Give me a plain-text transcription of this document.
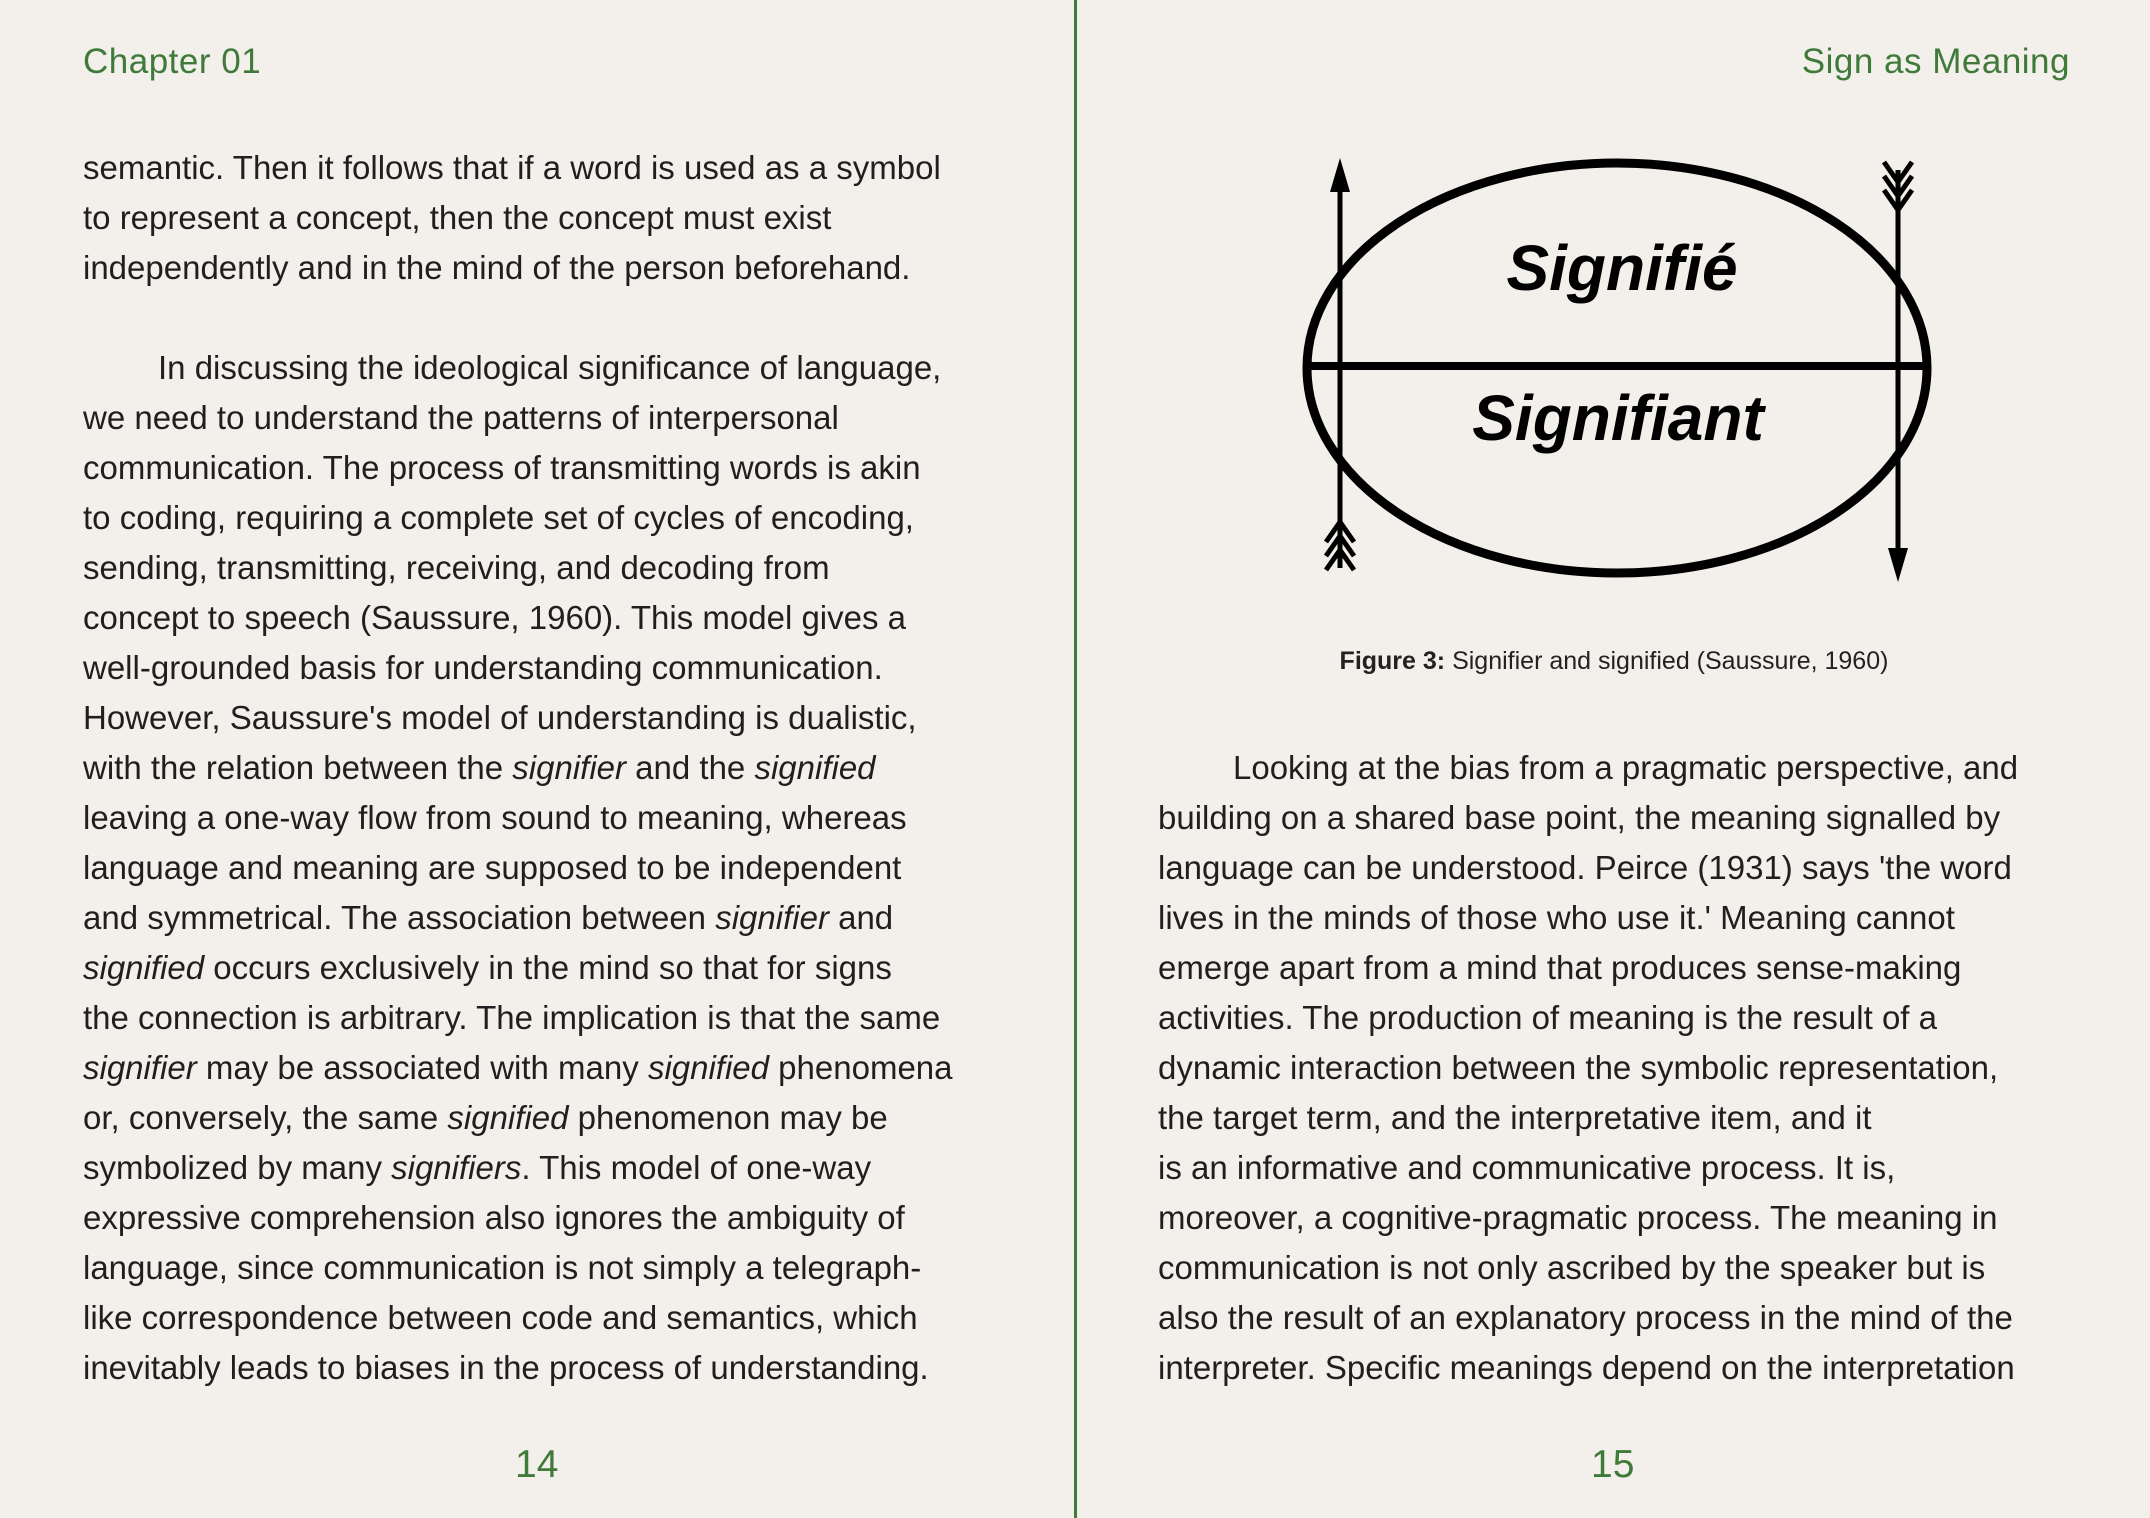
Chapter 01

semantic. Then it follows that if a word is used as a symbol
to represent a concept, then the concept must exist
independently and in the mind of the person beforehand.

In discussing the ideological significance of language,
we need to understand the patterns of interpersonal
communication. The process of transmitting words is akin
to coding, requiring a complete set of cycles of encoding,
sending, transmitting, receiving, and decoding from
concept to speech (Saussure, 1960). This model gives a
well-grounded basis for understanding communication.
However, Saussure's model of understanding is dualistic,
with the relation between the signifier and the signified
leaving a one-way flow from sound to meaning, whereas
language and meaning are supposed to be independent
and symmetrical. The association between signifier and
signified occurs exclusively in the mind so that for signs
the connection is arbitrary. The implication is that the same
signifier may be associated with many signified phenomena
or, conversely, the same signified phenomenon may be
symbolized by many signifiers. This model of one-way
expressive comprehension also ignores the ambiguity of
language, since communication is not simply a telegraph-
like correspondence between code and semantics, which
inevitably leads to biases in the process of understanding.

14
Sign as Meaning
Signifié
Signifiant
Figure 3: Signifier and signified (Saussure, 1960)

Looking at the bias from a pragmatic perspective, and
building on a shared base point, the meaning signalled by
language can be understood. Peirce (1931) says 'the word
lives in the minds of those who use it.' Meaning cannot
emerge apart from a mind that produces sense-making
activities. The production of meaning is the result of a
dynamic interaction between the symbolic representation,
the target term, and the interpretative item, and it
is an informative and communicative process. It is,
moreover, a cognitive-pragmatic process. The meaning in
communication is not only ascribed by the speaker but is
also the result of an explanatory process in the mind of the
interpreter. Specific meanings depend on the interpretation

15
